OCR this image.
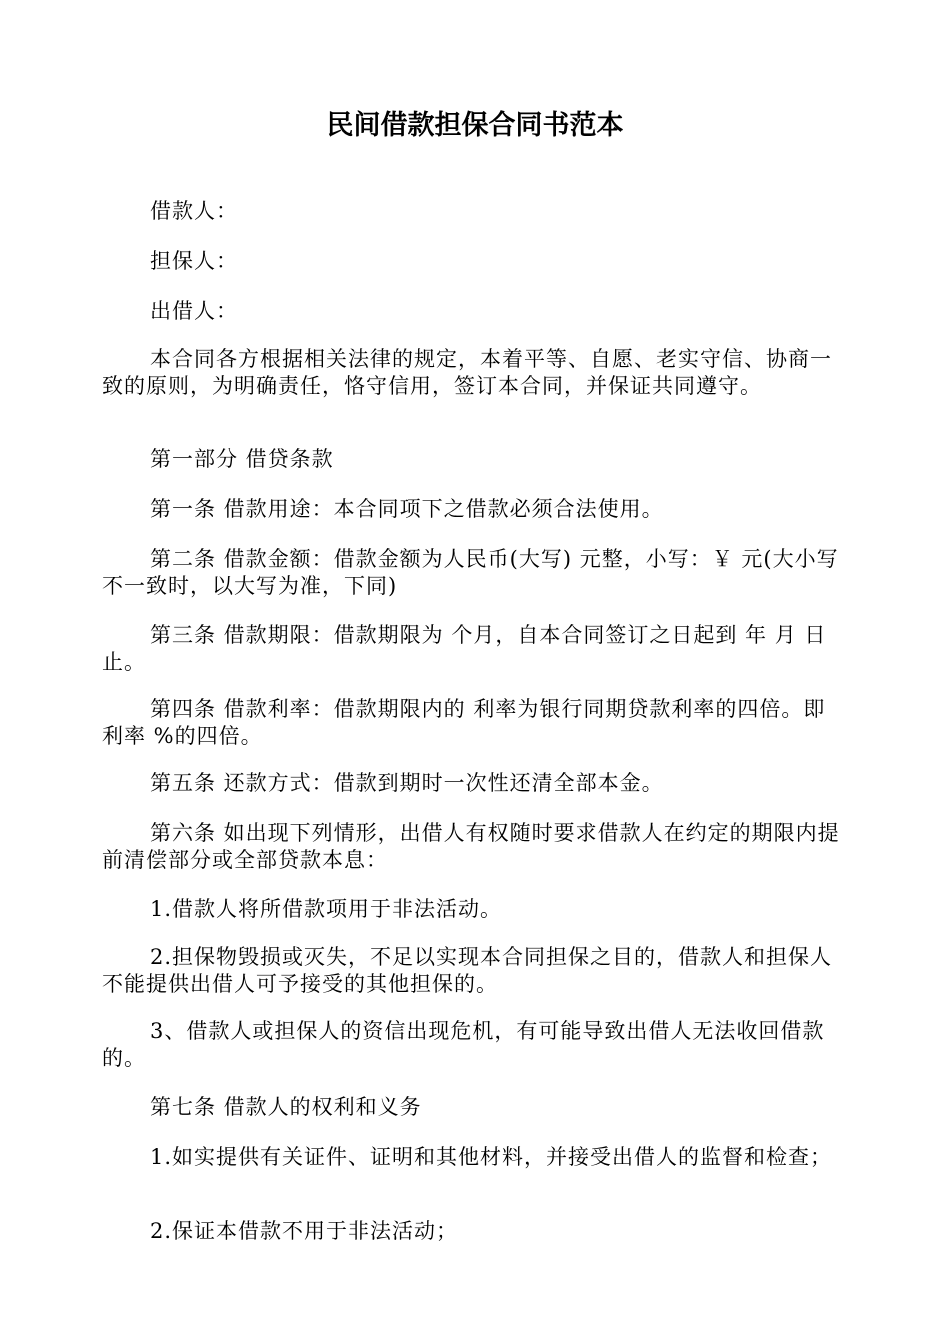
民间借款担保合同书范本
借款人：
担保人：
出借人：
本合同各方根据相关法律的规定，本着平等、自愿、老实守信、协商一致的原则，为明确责任，恪守信用，签订本合同，并保证共同遵守。
第一部分 借贷条款
第一条 借款用途：本合同项下之借款必须合法使用。
第二条 借款金额：借款金额为人民币(大写) 元整，小写：￥ 元(大小写不一致时，以大写为准，下同)
第三条 借款期限：借款期限为 个月，自本合同签订之日起到 年 月 日止。
第四条 借款利率：借款期限内的 利率为银行同期贷款利率的四倍。即 利率 %的四倍。
第五条 还款方式：借款到期时一次性还清全部本金。
第六条 如出现下列情形，出借人有权随时要求借款人在约定的期限内提前清偿部分或全部贷款本息：
1.借款人将所借款项用于非法活动。
2.担保物毁损或灭失，不足以实现本合同担保之目的，借款人和担保人不能提供出借人可予接受的其他担保的。
3、借款人或担保人的资信出现危机，有可能导致出借人无法收回借款的。
第七条 借款人的权利和义务
1.如实提供有关证件、证明和其他材料，并接受出借人的监督和检查；
2.保证本借款不用于非法活动；
